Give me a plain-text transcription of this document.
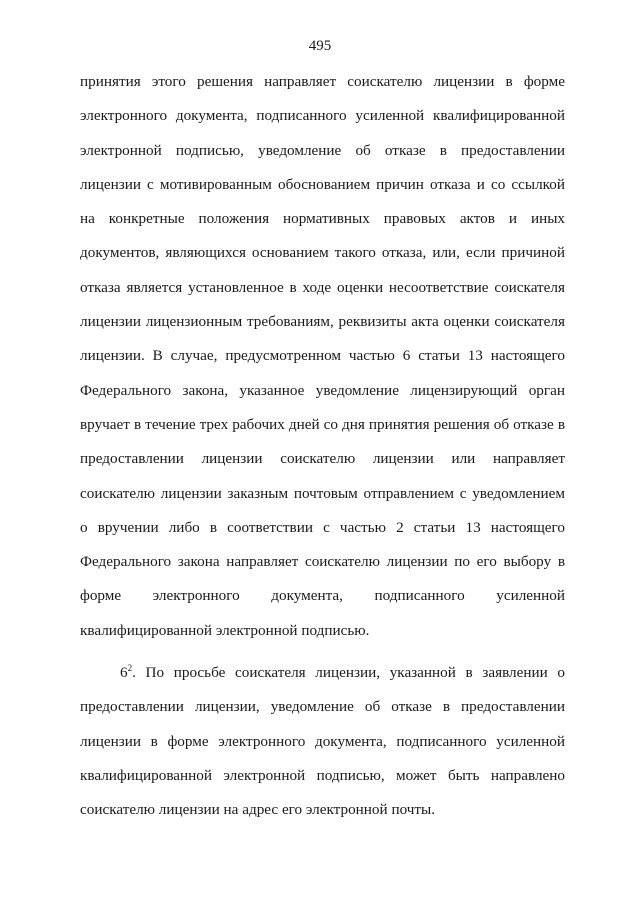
495
принятия этого решения направляет соискателю лицензии в форме
электронного документа, подписанного усиленной квалифицированной
электронной подписью, уведомление об отказе в предоставлении
лицензии с мотивированным обоснованием причин отказа и со ссылкой
на конкретные положения нормативных правовых актов и иных
документов, являющихся основанием такого отказа, или, если причиной
отказа является установленное в ходе оценки несоответствие соискателя
лицензии лицензионным требованиям, реквизиты акта оценки соискателя
лицензии. В случае, предусмотренном частью 6 статьи 13 настоящего
Федерального закона, указанное уведомление лицензирующий орган
вручает в течение трех рабочих дней со дня принятия решения об отказе в
предоставлении лицензии соискателю лицензии или направляет
соискателю лицензии заказным почтовым отправлением с уведомлением
о вручении либо в соответствии с частью 2 статьи 13 настоящего
Федерального закона направляет соискателю лицензии по его выбору в
форме электронного документа, подписанного усиленной
квалифицированной электронной подписью.
$6^2$. По просьбе соискателя лицензии, указанной в заявлении о
предоставлении лицензии, уведомление об отказе в предоставлении
лицензии в форме электронного документа, подписанного усиленной
квалифицированной электронной подписью, может быть направлено
соискателю лицензии на адрес его электронной почты.
